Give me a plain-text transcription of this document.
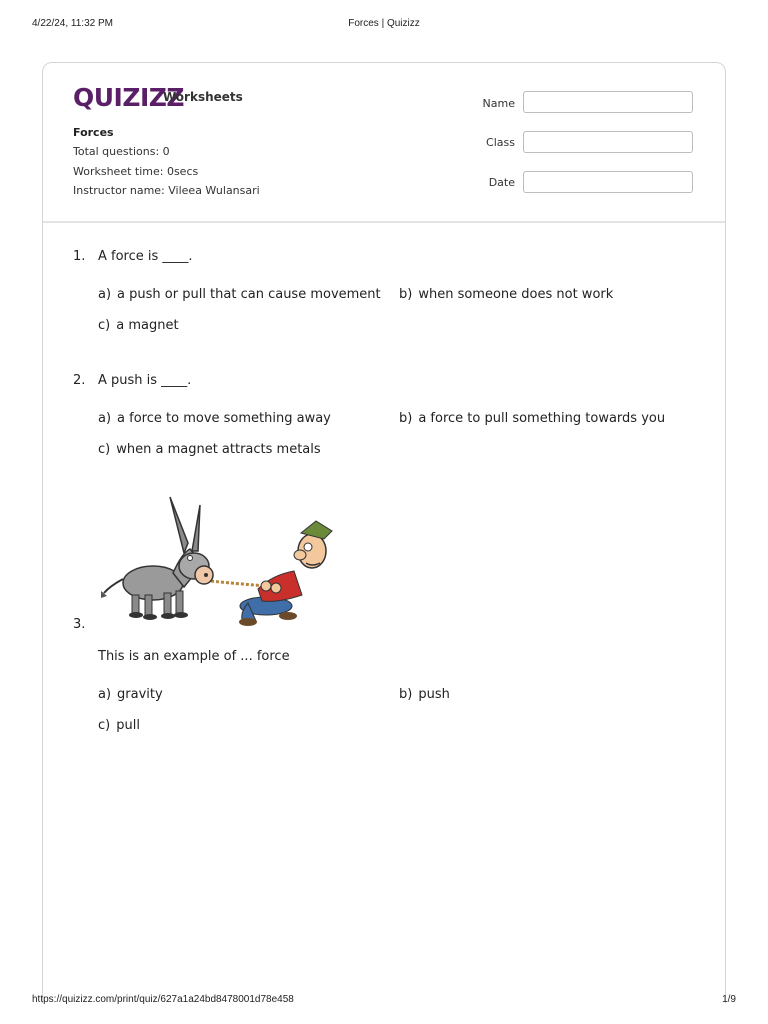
4/22/24, 11:32 PM	Forces | Quizizz
QUIZIZZ
Worksheets
Forces
Total questions: 0
Worksheet time: 0secs
Instructor name: Vileea Wulansari
Name
Class
Date
1. A force is ____.
a) a push or pull that can cause movement b) when someone does not work
c) a magnet
2. A push is ____.
a) a force to move something away	b) a force to pull something towards you
c) when a magnet attracts metals
3.
This is an example of ... force
a) gravity	b) push
c) pull
https://quizizz.com/print/quiz/627a1a24bd8478001d78e458	1/9
